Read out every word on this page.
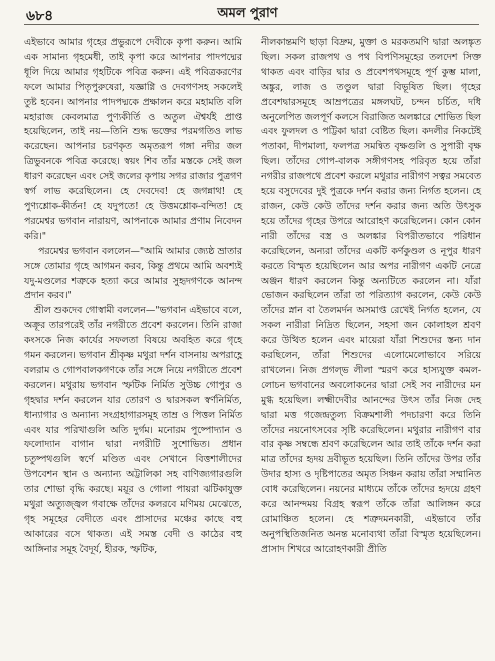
৬৮৪	অমল পুরাণ

এইভাবে আমার গৃহের প্রভুরূপে দেবীকে কৃপা করুন। আমি এক সামান্য গৃহমেধী, তাই কৃপা করে আপনার পাদপদ্মের ধূলি দিয়ে আমার গৃহটিকে পবিত্র করুন। এই পবিত্রকরণের ফলে আমার পিতৃপুরুষেরা, যজ্ঞাগ্নি ও দেবগণসহ সকলেই তুষ্ট হবেন। আপনার পাদপদ্মকে প্রক্ষালন করে মহামতি বলি মহারাজ কেবলমাত্র পুণ্যকীর্তি ও অতুল ঐশ্বর্যই প্রাপ্ত হয়েছিলেন, তাই নয়—তিনি শুদ্ধ ভক্তের পরমগতিও লাভ করেছেন। আপনার চরণকৃত অমৃতরূপ গঙ্গা নদীর জল ত্রিভুবনকে পবিত্র করেছে। স্বয়ং শিব তাঁর মস্তকে সেই জল ধারণ করেছেন এবং সেই জলের কৃপায় সগর রাজার পুত্রগণ স্বর্গ লাভ করেছিলেন। হে দেবদেব! হে জগন্নাথ! হে পুণ্যশ্লোক-কীর্তন! হে যদুপতে! হে উত্তমশ্লোক-বন্দিত! হে পরমেশ্বর ভগবান নারায়ণ, আপনাকে আমার প্রণাম নিবেদন করি।"

পরমেশ্বর ভগবান বললেন—"আমি আমার জ্যেষ্ঠ ভ্রাতার সঙ্গে তোমার গৃহে আগমন করব, কিন্তু প্রথমে আমি অবশ্যই যদু-মণ্ডলের শত্রুকে হত্যা করে আমার সুহৃদগণকে আনন্দ প্রদান করব।"

শ্রীল শুকদেব গোস্বামী বললেন—"ভগবান এইভাবে বলে, অক্রূর তারপরেই তাঁর নগরীতে প্রবেশ করলেন। তিনি রাজা কংসকে নিজ কার্যের সফলতা বিষয়ে অবহিত করে গৃহে গমন করলেন। ভগবান শ্রীকৃষ্ণ মথুরা দর্শন বাসনায় অপরাহ্ণে বলরাম ও গোপবালকগণকে তাঁর সঙ্গে নিয়ে নগরীতে প্রবেশ করলেন। মথুরায় ভগবান স্ফটিক নির্মিত সুউচ্চ গোপুর ও গৃহদ্বার দর্শন করলেন যার তোরণ ও দ্বারসকল স্বর্ণনির্মিত, ধান্যাগার ও অন্যান্য সংগ্রহাগারসমূহ তাম্র ও পিত্তল নির্মিত এবং যার পরিখাগুলি অতি দুর্গম। মনোরম পুষ্পোদ্যান ও ফলোদ্যান বাগান দ্বারা নগরীটি সুশোভিত। প্রধান চতুষ্পথগুলি স্বর্ণে মণ্ডিত এবং সেখানে বিত্তশালীদের উপবেশন স্থান ও অন্যান্য অট্টালিকা সহ বাণিজ্যগারগুলি তার শোভা বৃদ্ধি করছে। ময়ূর ও গোলা পায়রা ঝটিকাযুক্ত মথুরা অত্যুজ্জ্বল গবাক্ষে তাঁদের কলরবে মণিময় মেঝেতে, গৃহ সমূহের বেদীতে এবং প্রাসাদের মঞ্চের কাছে বহু আকারের বসে থাকত। এই সমস্ত বেদী ও কাঠের বহু আঙ্গিনার সমূহ বৈদূর্য, হীরক, স্ফটিক,

নীলকান্তমণি ছাড়া বিদ্রুম, মুক্তা ও মরকতমণি দ্বারা অলঙ্কৃত ছিল। সকল রাজপথ ও পথ বিপণিসমূহের তলদেশ সিক্ত থাকত এবং বাড়ির দ্বার ও প্রবেশপথসমূহে পূর্ণ কুম্ভ মালা, অঙ্কুর, লাজ ও তণ্ডুল দ্বারা বিভূষিত ছিল। গৃহের প্রবেশদ্বারসমূহে আম্রপত্রের মঙ্গলঘট, চন্দন চর্চিত, দধি অনুলেপিত জলপূর্ণ কলসে বিরাজিত অলঙ্কারে শোভিত ছিল এবং ফুলদল ও পট্টিকা দ্বারা বেষ্টিত ছিল। কদলীর নিকটেই পতাকা, দীপমালা, ফলপত্র সমন্বিত বৃক্ষগুলি ও সুপারী বৃক্ষ ছিল। তাঁদের গোপ-বালক সঙ্গীগণসহ পরিবৃত হয়ে তাঁরা নগরীর রাজপথে প্রবেশ করলে মথুরার নারীগণ সত্বর সমবেত হয়ে বসুদেবের দুই পুত্রকে দর্শন করার জন্য নির্গত হলেন। হে রাজন, কেউ কেউ তাঁদের দর্শন করার জন্য অতি উৎসুক হয়ে তাঁদের গৃহের উপরে আরোহণ করেছিলেন। কোন কোন নারী তাঁদের বস্ত্র ও অলঙ্কার বিপরীতভাবে পরিধান করেছিলেন, অন্যরা তাঁদের একটি কর্ণকুণ্ডল ও নূপুর ধারণ করতে বিস্মৃত হয়েছিলেন আর অপর নারীগণ একটি নেত্রে অঞ্জন ধারণ করলেন কিন্তু অন্যটিতে করলেন না। যাঁরা ভোজন করছিলেন তাঁরা তা পরিত্যাগ করলেন, কেউ কেউ তাঁদের স্নান বা তৈলমর্দন অসমাপ্ত রেখেই নির্গত হলেন, যে সকল নারীরা নিদ্রিত ছিলেন, সহসা জন কোলাহল শ্রবণ করে উত্থিত হলেন এবং মায়েরা যাঁরা শিশুদের স্তন্য দান করছিলেন, তাঁরা শিশুদের এলোমেলোভাবে সরিয়ে রাখলেন। নিজ প্রগল্ভ লীলা স্মরণ করে হাস্যযুক্ত কমল-লোচন ভগবানের অবলোকনের দ্বারা সেই সব নারীদের মন মুগ্ধ হয়েছিল। লক্ষ্মীদেবীর আনন্দের উৎস তাঁর নিজ দেহ দ্বারা মত্ত গজেন্দ্রতুল্য বিক্রমশালী পদচারণা করে তিনি তাঁদের নয়নোৎসবের সৃষ্টি করেছিলেন। মথুরার নারীগণ বার বার কৃষ্ণ সম্বন্ধে শ্রবণ করেছিলেন আর তাই তাঁকে দর্শন করা মাত্র তাঁদের হৃদয় দ্রবীভূত হয়েছিল। তিনি তাঁদের উপর তাঁর উদার হাস্য ও দৃষ্টিপাতের অমৃত সিঞ্চন করায় তাঁরা সম্মানিত বোধ করেছিলেন। নয়নের মাধ্যমে তাঁকে তাঁদের হৃদয়ে গ্রহণ করে আনন্দময় বিগ্রহ স্বরূপ তাঁকে তাঁরা আলিঙ্গন করে রোমাঞ্চিত হলেন। হে শত্রুদমনকারী, এইভাবে তাঁর অনুপস্থিতিজনিত অনন্ত মনোব্যথা তাঁরা বিস্মৃত হয়েছিলেন। প্রাসাদ শিখরে আরোহণকারী প্রীতি
